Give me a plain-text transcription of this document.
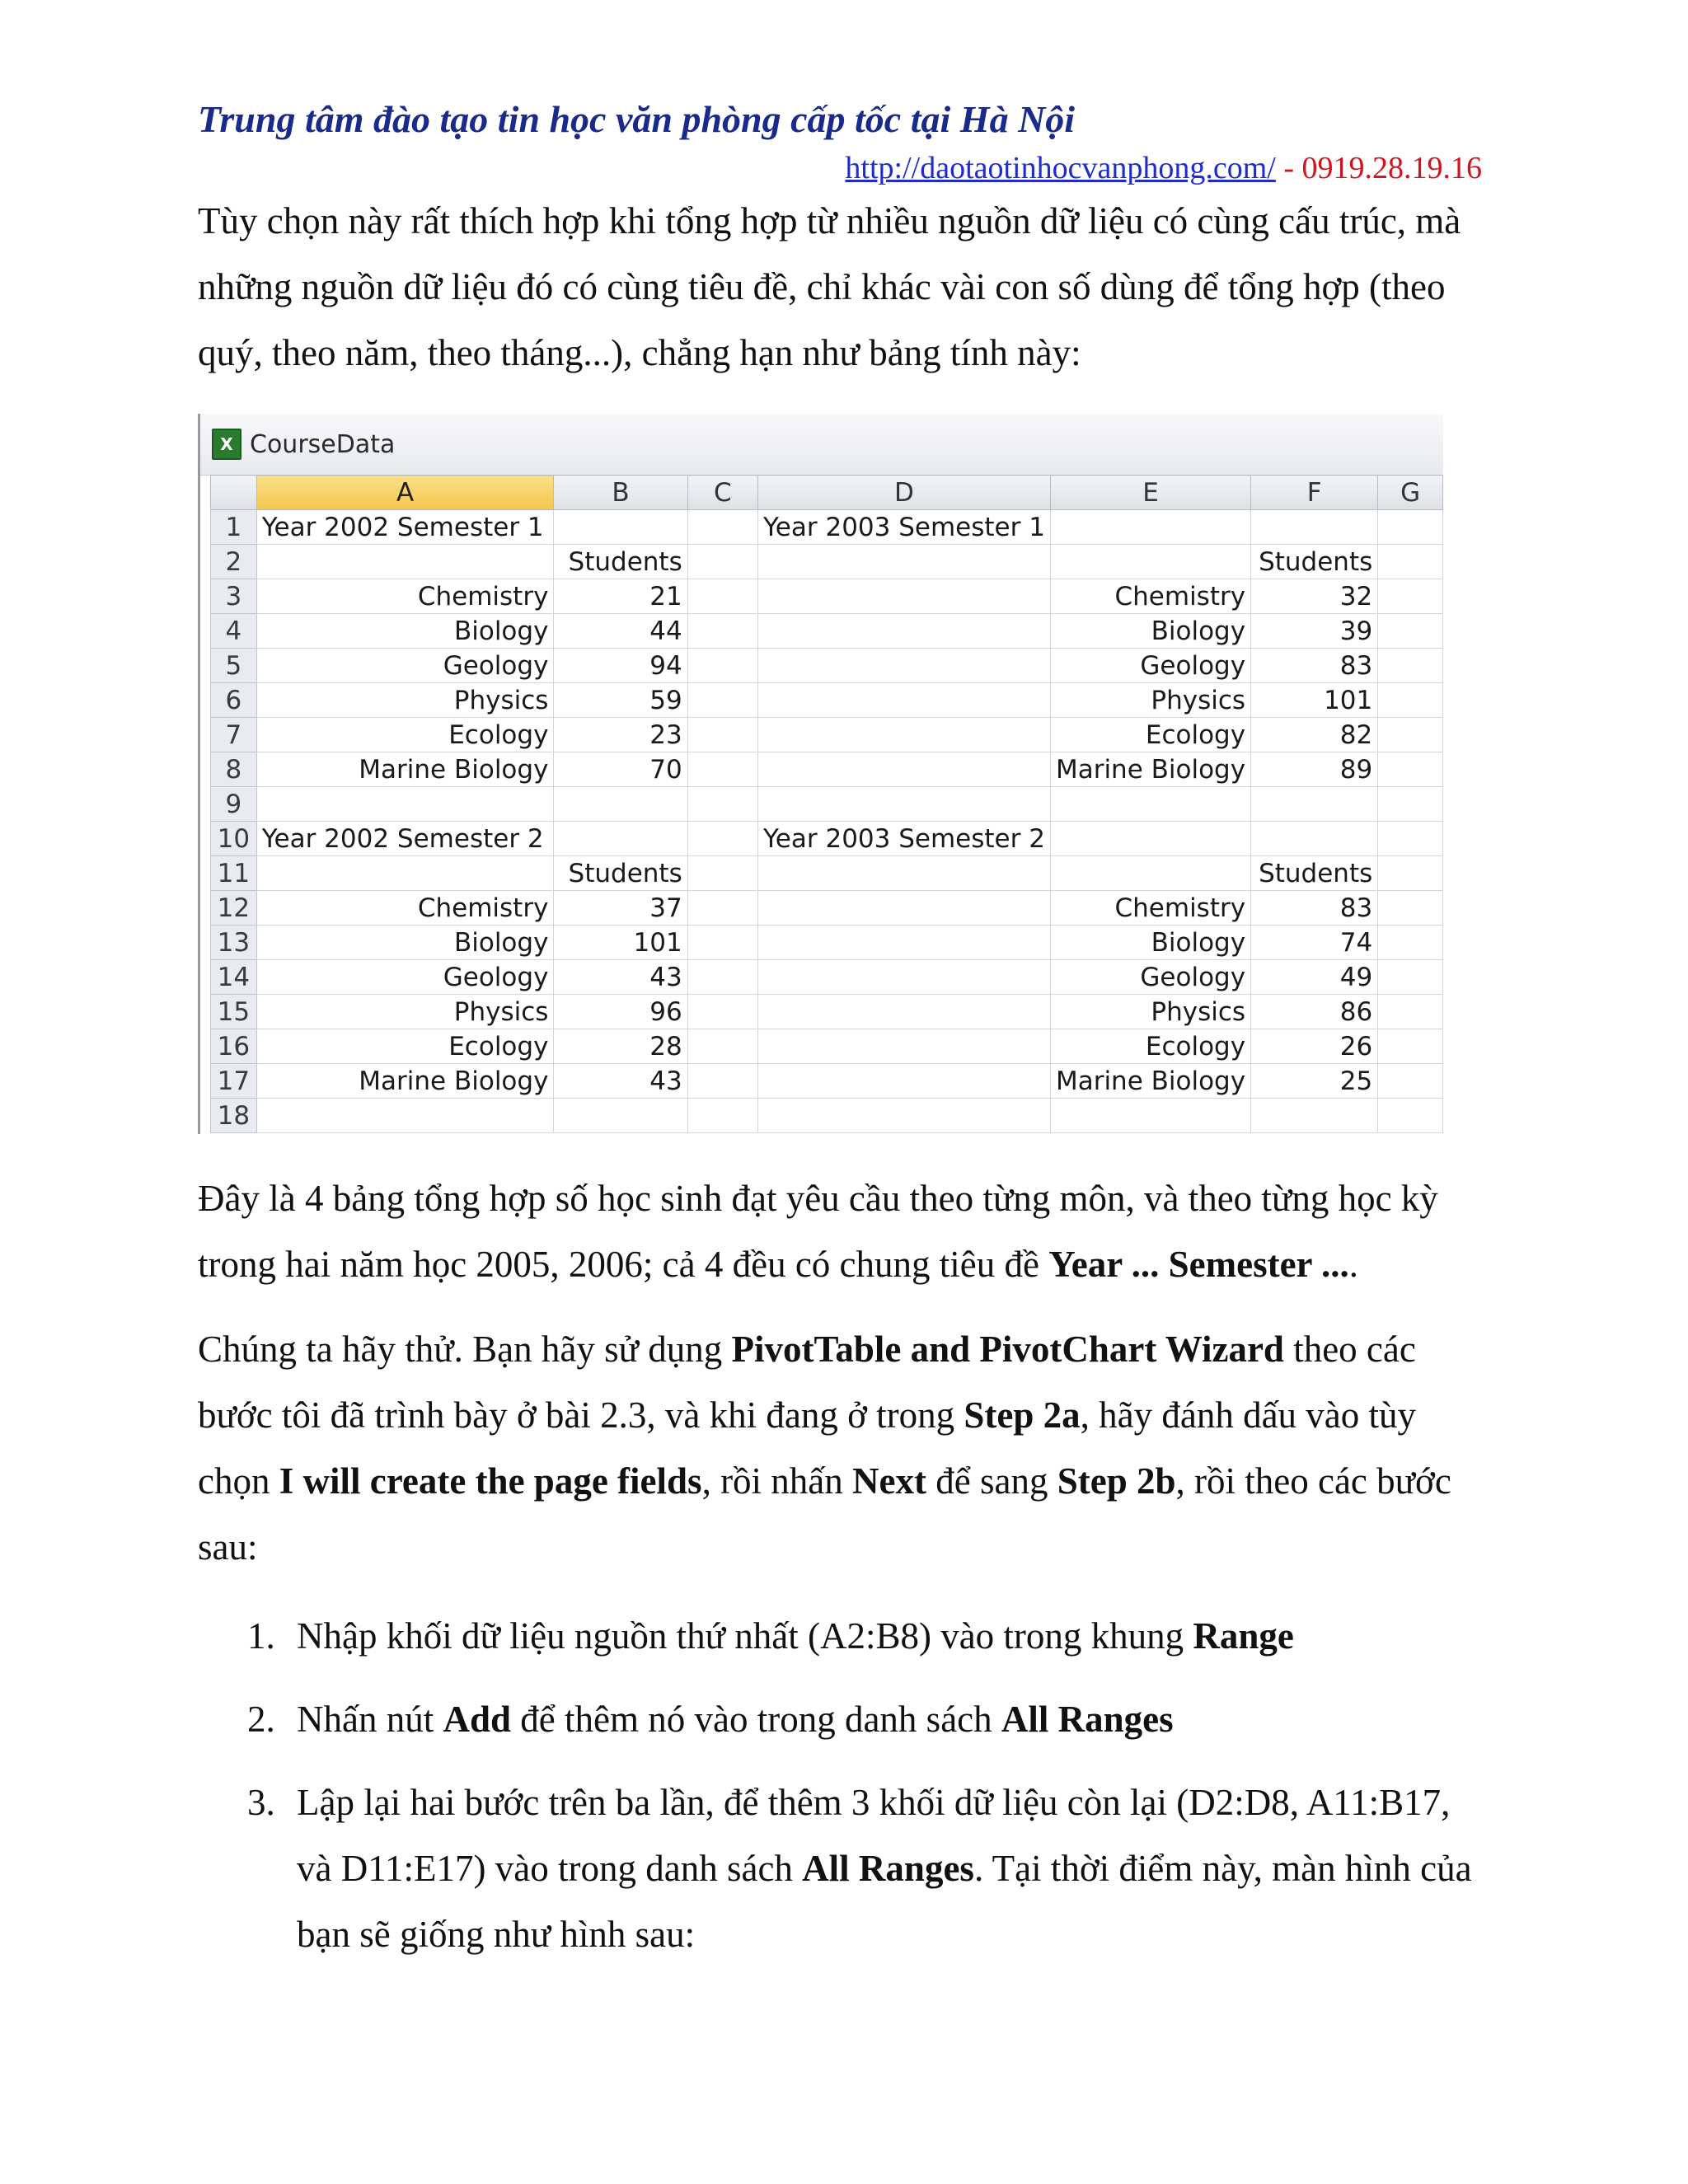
Trung tâm đào tạo tin học văn phòng cấp tốc tại Hà Nội
http://daotaotinhocvanphong.com/ - 0919.28.19.16

Tùy chọn này rất thích hợp khi tổng hợp từ nhiều nguồn dữ liệu có cùng cấu trúc, mà những nguồn dữ liệu đó có cùng tiêu đề, chỉ khác vài con số dùng để tổng hợp (theo quý, theo năm, theo tháng...), chẳng hạn như bảng tính này:

X CourseData
	A	B	C	D	E	F	G
1	Year 2002 Semester 1			Year 2003 Semester 1			
2		Students				Students	
3	Chemistry	21			Chemistry	32	
4	Biology	44			Biology	39	
5	Geology	94			Geology	83	
6	Physics	59			Physics	101	
7	Ecology	23			Ecology	82	
8	Marine Biology	70			Marine Biology	89	
9							
10	Year 2002 Semester 2			Year 2003 Semester 2			
11		Students				Students	
12	Chemistry	37			Chemistry	83	
13	Biology	101			Biology	74	
14	Geology	43			Geology	49	
15	Physics	96			Physics	86	
16	Ecology	28			Ecology	26	
17	Marine Biology	43			Marine Biology	25	
18							

Đây là 4 bảng tổng hợp số học sinh đạt yêu cầu theo từng môn, và theo từng học kỳ trong hai năm học 2005, 2006; cả 4 đều có chung tiêu đề Year ... Semester ....

Chúng ta hãy thử. Bạn hãy sử dụng PivotTable and PivotChart Wizard theo các bước tôi đã trình bày ở bài 2.3, và khi đang ở trong Step 2a, hãy đánh dấu vào tùy chọn I will create the page fields, rồi nhấn Next để sang Step 2b, rồi theo các bước sau:

1. Nhập khối dữ liệu nguồn thứ nhất (A2:B8) vào trong khung Range
2. Nhấn nút Add để thêm nó vào trong danh sách All Ranges
3. Lập lại hai bước trên ba lần, để thêm 3 khối dữ liệu còn lại (D2:D8, A11:B17, và D11:E17) vào trong danh sách All Ranges. Tại thời điểm này, màn hình của bạn sẽ giống như hình sau:
